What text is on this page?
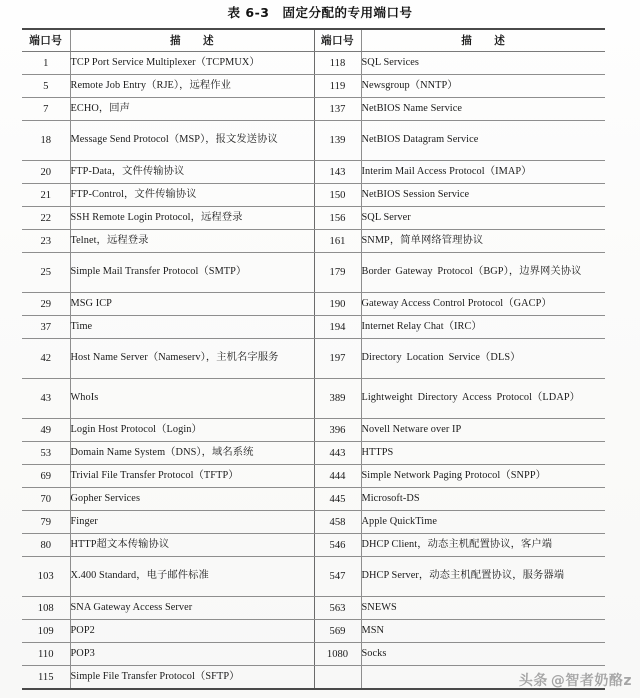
表 6-3　固定分配的专用端口号
端口号	描　　述	端口号	描　　述
1	TCP Port Service Multiplexer（TCPMUX）	118	SQL Services
5	Remote Job Entry（RJE），远程作业	119	Newsgroup（NNTP）
7	ECHO，回声	137	NetBIOS Name Service
18	Message Send Protocol（MSP），报文发送协议	139	NetBIOS Datagram Service
20	FTP-Data，文件传输协议	143	Interim Mail Access Protocol（IMAP）
21	FTP-Control，文件传输协议	150	NetBIOS Session Service
22	SSH Remote Login Protocol，远程登录	156	SQL Server
23	Telnet，远程登录	161	SNMP，简单网络管理协议
25	Simple Mail Transfer Protocol（SMTP）	179	Border Gateway Protocol（BGP），边界网关协议
29	MSG ICP	190	Gateway Access Control Protocol（GACP）
37	Time	194	Internet Relay Chat（IRC）
42	Host Name Server（Nameserv），主机名字服务	197	Directory Location Service（DLS）
43	WhoIs	389	Lightweight Directory Access Protocol（LDAP）
49	Login Host Protocol（Login）	396	Novell Netware over IP
53	Domain Name System（DNS），域名系统	443	HTTPS
69	Trivial File Transfer Protocol（TFTP）	444	Simple Network Paging Protocol（SNPP）
70	Gopher Services	445	Microsoft-DS
79	Finger	458	Apple QuickTime
80	HTTP超文本传输协议	546	DHCP Client，动态主机配置协议，客户端
103	X.400 Standard，电子邮件标准	547	DHCP Server，动态主机配置协议，服务器端
108	SNA Gateway Access Server	563	SNEWS
109	POP2	569	MSN
110	POP3	1080	Socks
115	Simple File Transfer Protocol（SFTP）			头条 @智者奶酪z
